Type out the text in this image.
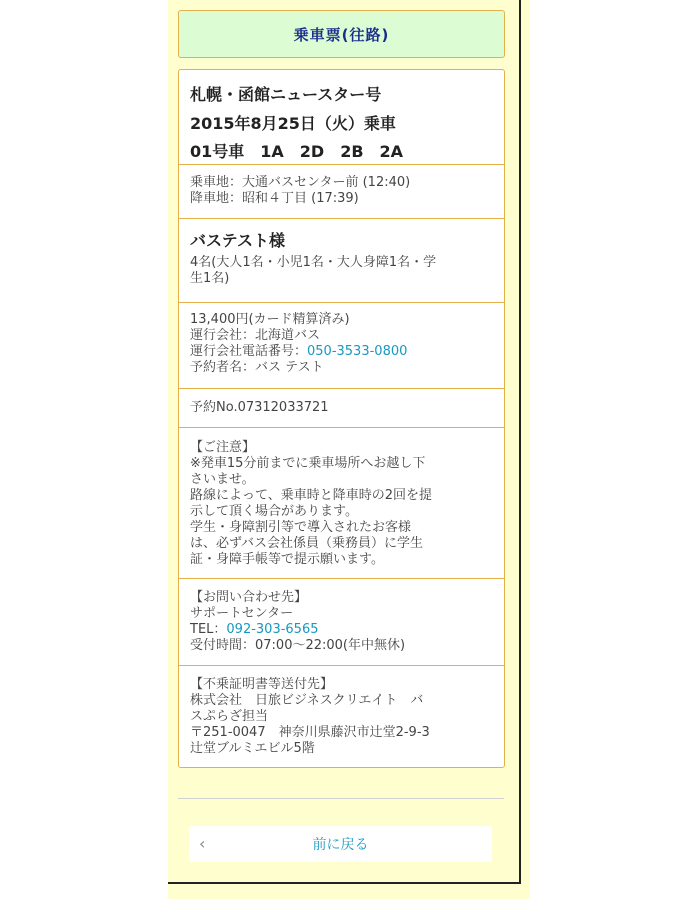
乗車票(往路)
札幌・函館ニュースター号
2015年8月25日（火）乗車
01号車　1A　2D　2B　2A
乗車地：大通バスセンター前 (12:40)
降車地：昭和４丁目 (17:39)
バステスト様
4名(大人1名・小児1名・大人身障1名・学
生1名)
13,400円(カード精算済み)
運行会社：北海道バス
運行会社電話番号：050-3533-0800
予約者名：バス テスト
予約No.07312033721
【ご注意】
※発車15分前までに乗車場所へお越し下
さいませ。
路線によって、乗車時と降車時の2回を提
示して頂く場合があります。
学生・身障割引等で導入されたお客様
は、必ずバス会社係員（乗務員）に学生
証・身障手帳等で提示願います。
【お問い合わせ先】
サポートセンター
TEL：092-303-6565
受付時間：07:00～22:00(年中無休)
【不乗証明書等送付先】
株式会社　日旅ビジネスクリエイト　バ
スぷらざ担当
〒251-0047　神奈川県藤沢市辻堂2-9-3
辻堂ブルミエビル5階
‹	前に戻る
